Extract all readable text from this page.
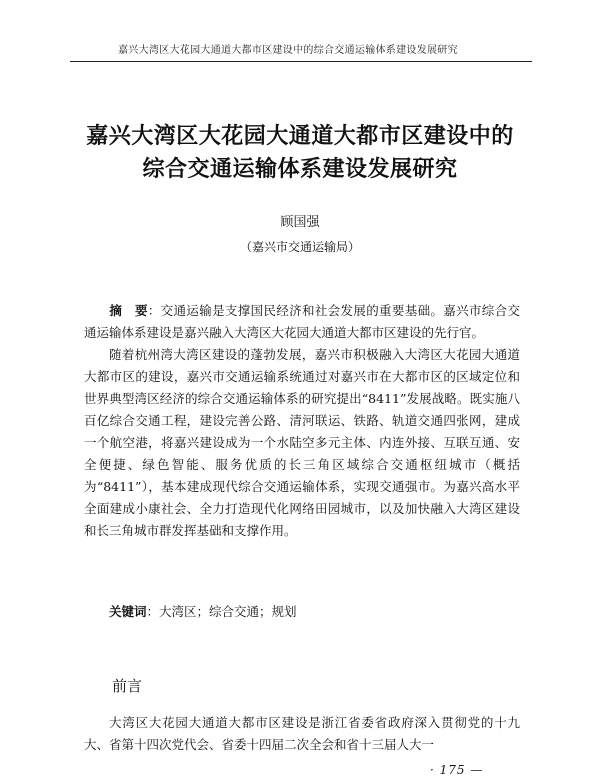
嘉兴大湾区大花园大通道大都市区建设中的综合交通运输体系建设发展研究
嘉兴大湾区大花园大通道大都市区建设中的
综合交通运输体系建设发展研究
顾国强
（嘉兴市交通运输局）

摘　要：交通运输是支撑国民经济和社会发展的重要基础。嘉兴市综合交通运输体系建设是嘉兴融入大湾区大花园大通道大都市区建设的先行官。

随着杭州湾大湾区建设的蓬勃发展，嘉兴市积极融入大湾区大花园大通道大都市区的建设，嘉兴市交通运输系统通过对嘉兴市在大都市区的区域定位和世界典型湾区经济的综合交通运输体系的研究提出“8411”发展战略。既实施八百亿综合交通工程，建设完善公路、清河联运、铁路、轨道交通四张网，建成一个航空港，将嘉兴建设成为一个水陆空多元主体、内连外接、互联互通、安全便捷、绿色智能、服务优质的长三角区域综合交通枢纽城市（概括为“8411”），基本建成现代综合交通运输体系，实现交通强市。为嘉兴高水平全面建成小康社会、全力打造现代化网络田园城市，以及加快融入大湾区建设和长三角城市群发挥基础和支撑作用。

关键词：大湾区；综合交通；规划
前言

大湾区大花园大通道大都市区建设是浙江省委省政府深入贯彻党的十九大、省第十四次党代会、省委十四届二次全会和省十三届人大一

· 175 —
